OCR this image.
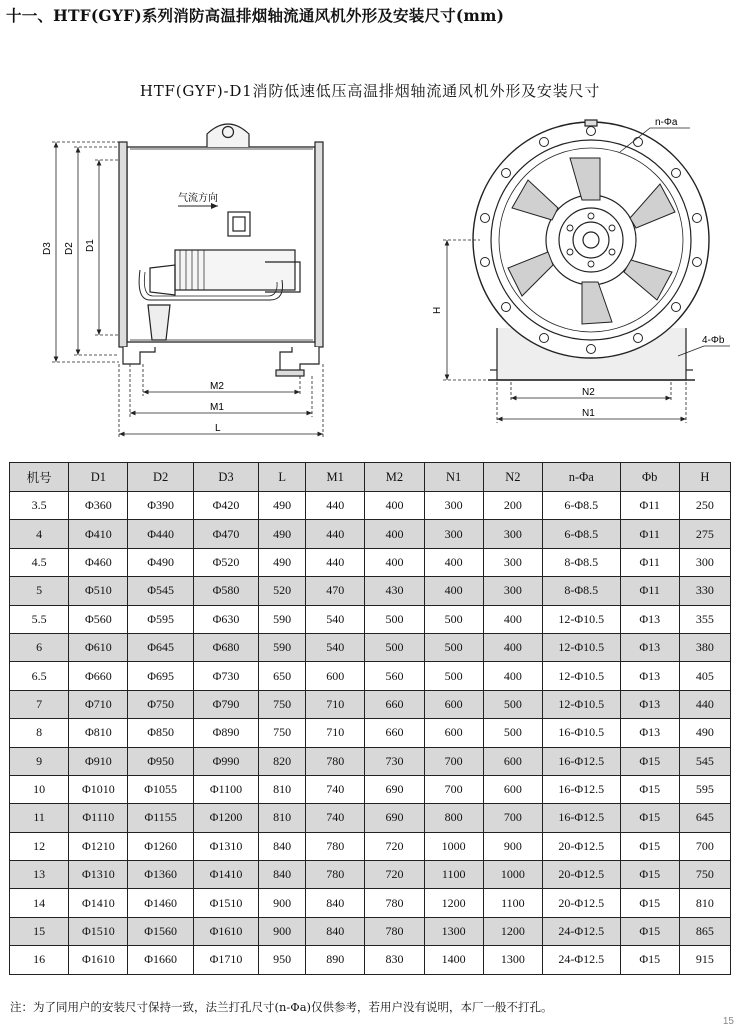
十一、HTF(GYF)系列消防高温排烟轴流通风机外形及安装尺寸(mm)
HTF(GYF)-D1消防低速低压高温排烟轴流通风机外形及安装尺寸
气流方向
D3 D2 D1
M2
M1
L
H
N2
N1
n-Φa
4-Φb
机号	D1	D2	D3	L	M1	M2	N1	N2	n-Φa	Φb	H
3.5	Φ360	Φ390	Φ420	490	440	400	300	200	6-Φ8.5	Φ11	250
4	Φ410	Φ440	Φ470	490	440	400	300	300	6-Φ8.5	Φ11	275
4.5	Φ460	Φ490	Φ520	490	440	400	400	300	8-Φ8.5	Φ11	300
5	Φ510	Φ545	Φ580	520	470	430	400	300	8-Φ8.5	Φ11	330
5.5	Φ560	Φ595	Φ630	590	540	500	500	400	12-Φ10.5	Φ13	355
6	Φ610	Φ645	Φ680	590	540	500	500	400	12-Φ10.5	Φ13	380
6.5	Φ660	Φ695	Φ730	650	600	560	500	400	12-Φ10.5	Φ13	405
7	Φ710	Φ750	Φ790	750	710	660	600	500	12-Φ10.5	Φ13	440
8	Φ810	Φ850	Φ890	750	710	660	600	500	16-Φ10.5	Φ13	490
9	Φ910	Φ950	Φ990	820	780	730	700	600	16-Φ12.5	Φ15	545
10	Φ1010	Φ1055	Φ1100	810	740	690	700	600	16-Φ12.5	Φ15	595
11	Φ1110	Φ1155	Φ1200	810	740	690	800	700	16-Φ12.5	Φ15	645
12	Φ1210	Φ1260	Φ1310	840	780	720	1000	900	20-Φ12.5	Φ15	700
13	Φ1310	Φ1360	Φ1410	840	780	720	1100	1000	20-Φ12.5	Φ15	750
14	Φ1410	Φ1460	Φ1510	900	840	780	1200	1100	20-Φ12.5	Φ15	810
15	Φ1510	Φ1560	Φ1610	900	840	780	1300	1200	24-Φ12.5	Φ15	865
16	Φ1610	Φ1660	Φ1710	950	890	830	1400	1300	24-Φ12.5	Φ15	915
注：为了同用户的安装尺寸保持一致，法兰打孔尺寸(n-Φa)仅供参考，若用户没有说明，本厂一般不打孔。
15
